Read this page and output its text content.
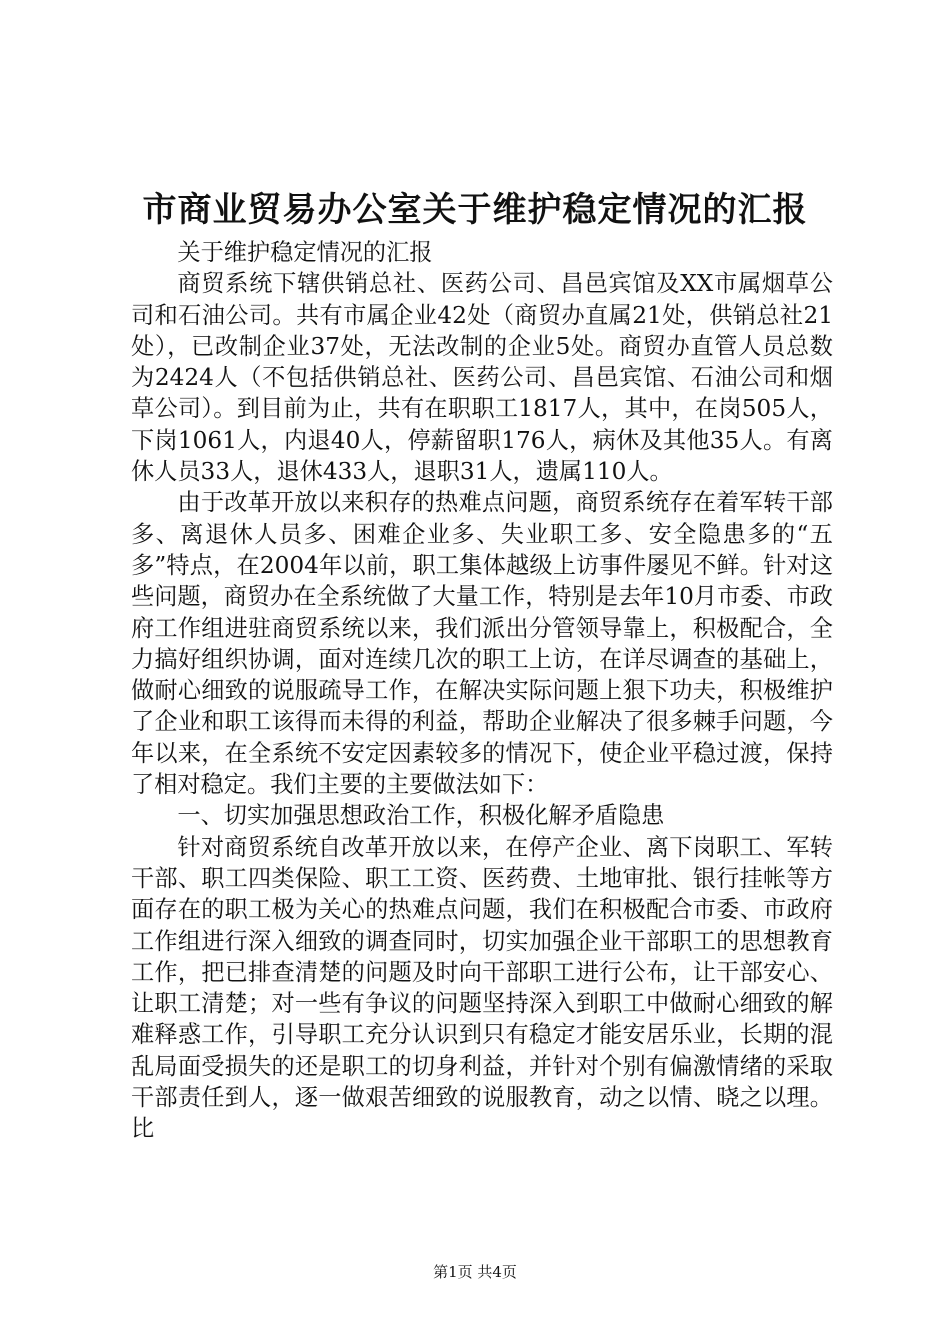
市商业贸易办公室关于维护稳定情况的汇报

关于维护稳定情况的汇报

商贸系统下辖供销总社、医药公司、昌邑宾馆及XX市属烟草公司和石油公司。共有市属企业42处（商贸办直属21处，供销总社21处），已改制企业37处，无法改制的企业5处。商贸办直管人员总数为2424人（不包括供销总社、医药公司、昌邑宾馆、石油公司和烟草公司）。到目前为止，共有在职职工1817人，其中，在岗505人，下岗1061人，内退40人，停薪留职176人，病休及其他35人。有离休人员33人，退休433人，退职31人，遗属110人。

由于改革开放以来积存的热难点问题，商贸系统存在着军转干部多、离退休人员多、困难企业多、失业职工多、安全隐患多的“五多”特点，在2004年以前，职工集体越级上访事件屡见不鲜。针对这些问题，商贸办在全系统做了大量工作，特别是去年10月市委、市政府工作组进驻商贸系统以来，我们派出分管领导靠上，积极配合，全力搞好组织协调，面对连续几次的职工上访，在详尽调查的基础上，做耐心细致的说服疏导工作，在解决实际问题上狠下功夫，积极维护了企业和职工该得而未得的利益，帮助企业解决了很多棘手问题，今年以来，在全系统不安定因素较多的情况下，使企业平稳过渡，保持了相对稳定。我们主要的主要做法如下：

一、切实加强思想政治工作，积极化解矛盾隐患

针对商贸系统自改革开放以来，在停产企业、离下岗职工、军转干部、职工四类保险、职工工资、医药费、土地审批、银行挂帐等方面存在的职工极为关心的热难点问题，我们在积极配合市委、市政府工作组进行深入细致的调查同时，切实加强企业干部职工的思想教育工作，把已排查清楚的问题及时向干部职工进行公布，让干部安心、让职工清楚；对一些有争议的问题坚持深入到职工中做耐心细致的解难释惑工作，引导职工充分认识到只有稳定才能安居乐业，长期的混乱局面受损失的还是职工的切身利益，并针对个别有偏激情绪的采取干部责任到人，逐一做艰苦细致的说服教育，动之以情、晓之以理。比

第1页 共4页
